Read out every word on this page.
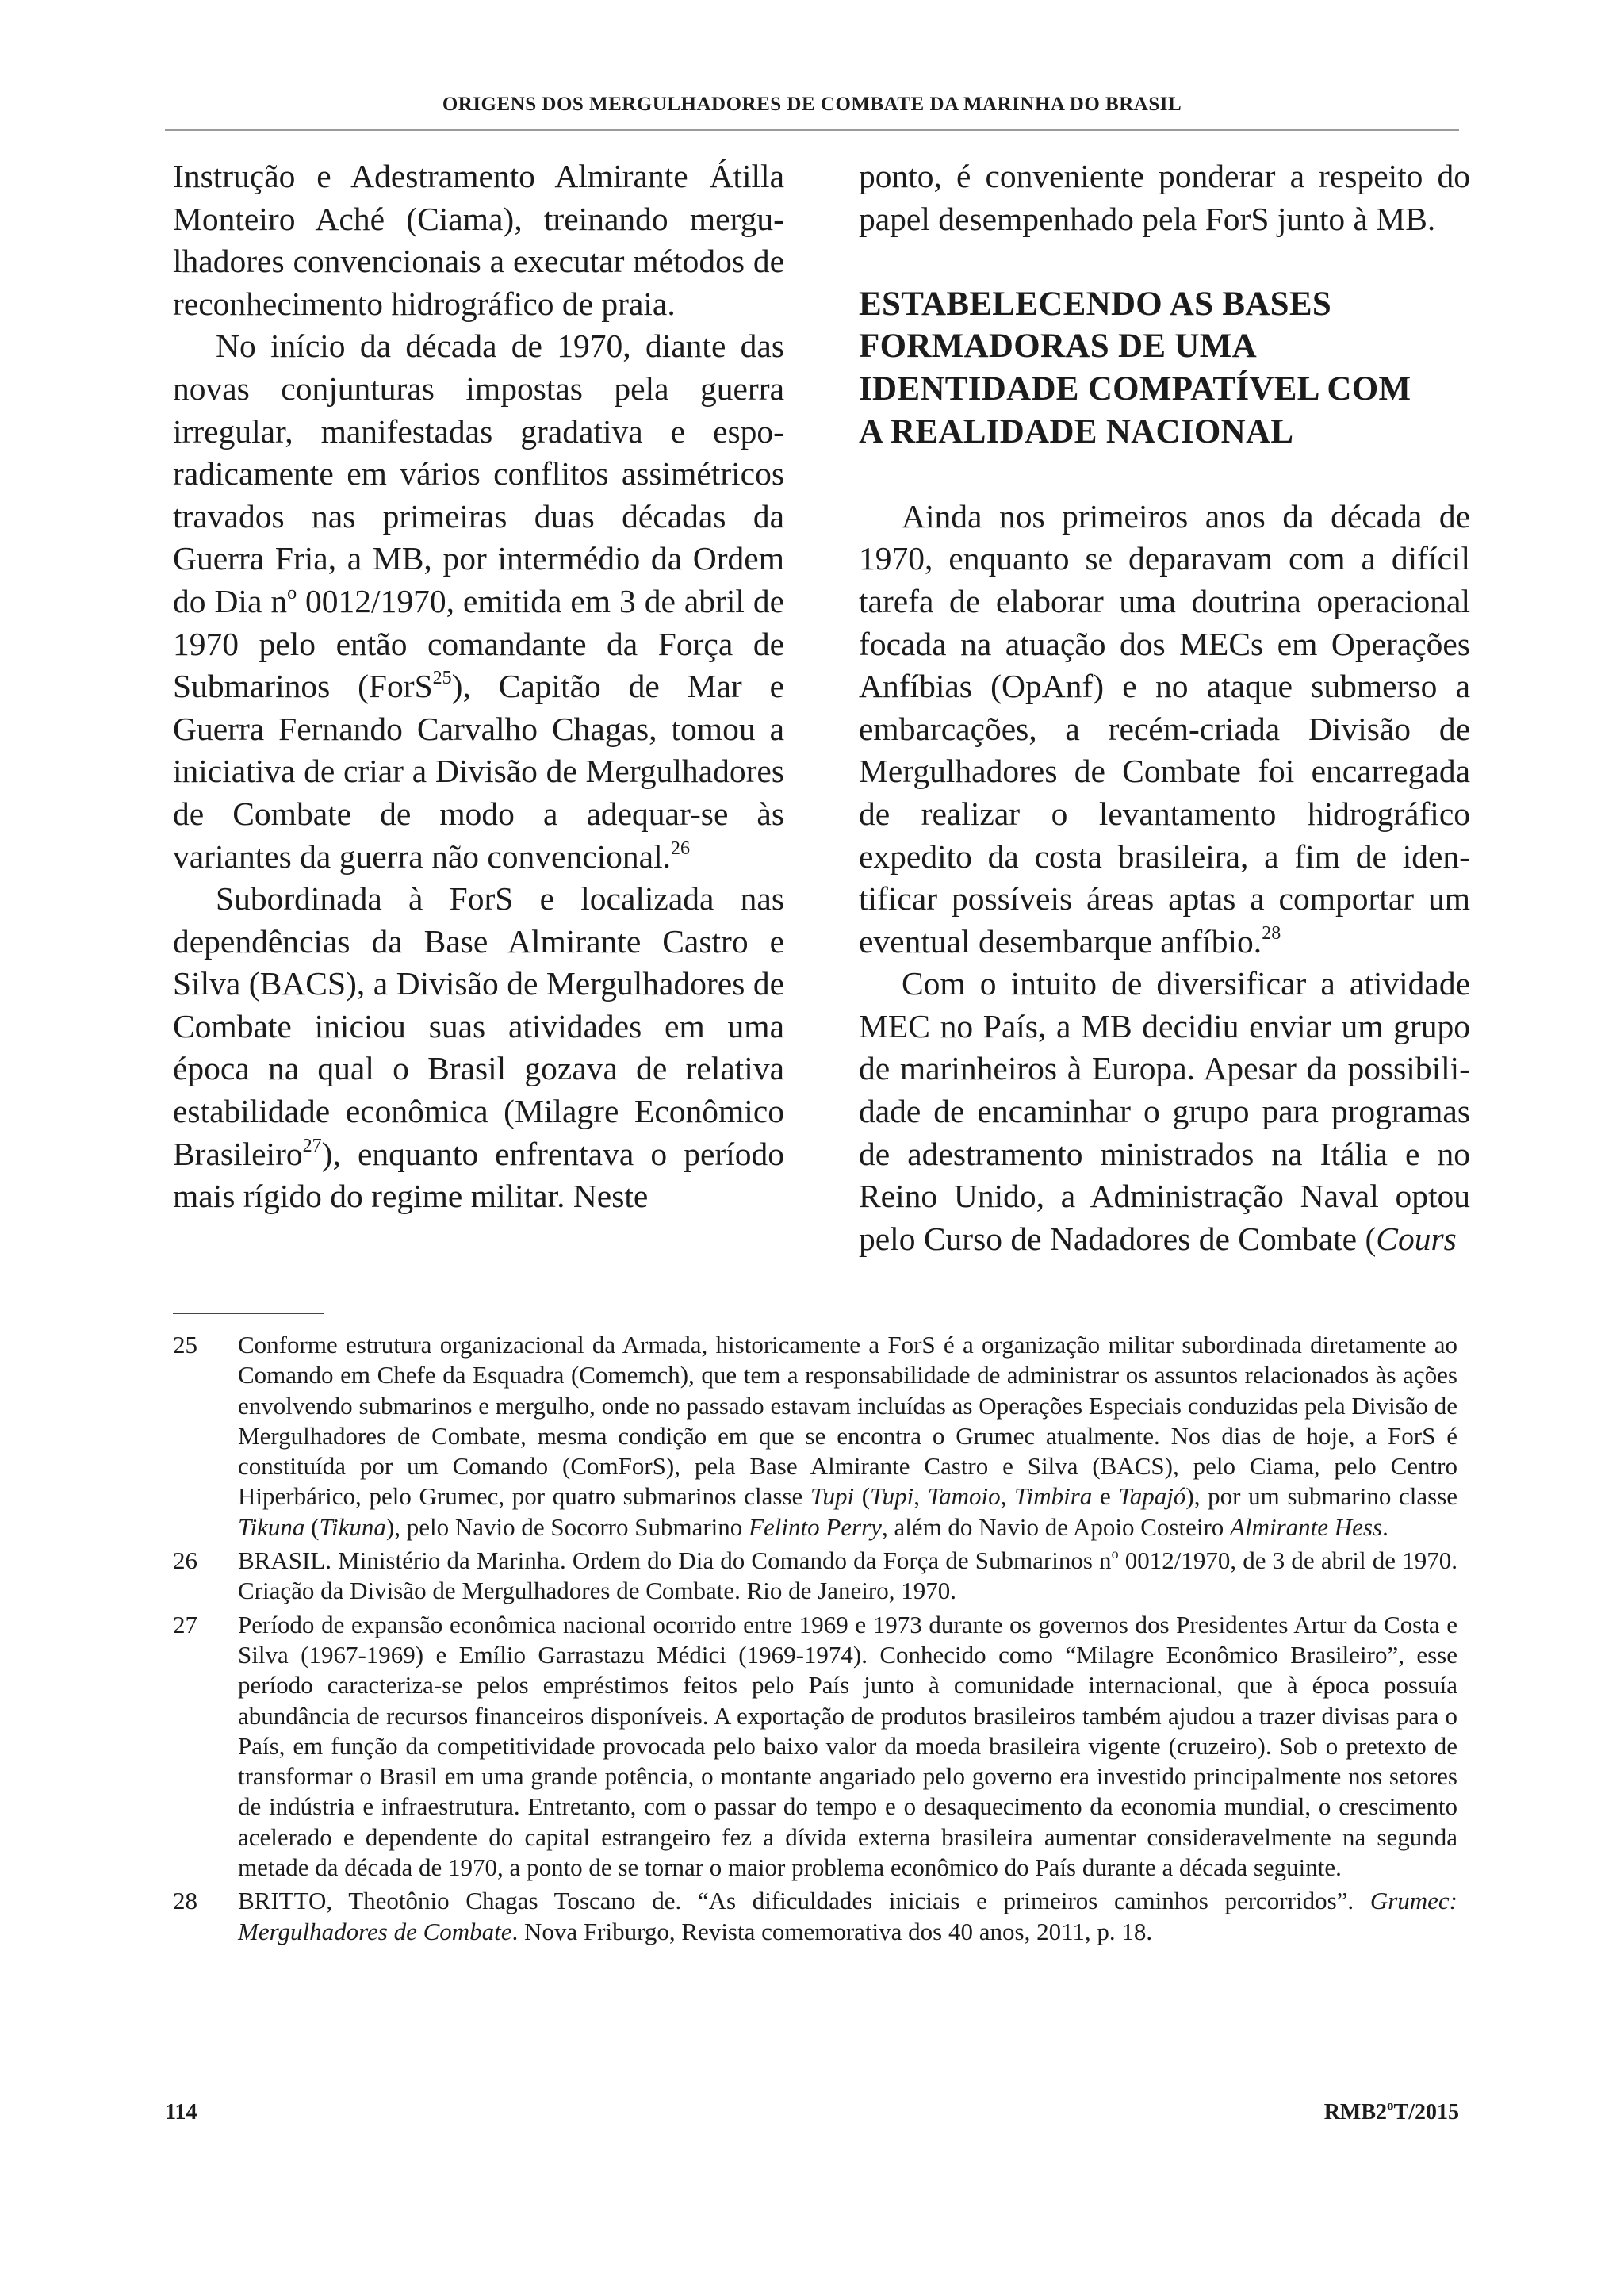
ORIGENS DOS MERGULHADORES DE COMBATE DA MARINHA DO BRASIL

Instrução e Adestramento Almirante Átilla Monteiro Aché (Ciama), treinando mergulhadores convencionais a executar métodos de reconhecimento hidrográfico de praia.

No início da década de 1970, diante das novas conjunturas impostas pela guerra irregular, manifestadas gradativa e esporadicamente em vários conflitos assimétricos travados nas primeiras duas décadas da Guerra Fria, a MB, por intermédio da Ordem do Dia $n^o$ 0012/1970, emitida em 3 de abril de 1970 pelo então comandante da Força de Submarinos (ForS$^{25}$), Capitão de Mar e Guerra Fernando Carvalho Chagas, tomou a iniciativa de criar a Divisão de Mergulhadores de Combate de modo a adequar-se às variantes da guerra não convencional.$^{26}$

Subordinada à ForS e localizada nas dependências da Base Almirante Castro e Silva (BACS), a Divisão de Mergulhadores de Combate iniciou suas atividades em uma época na qual o Brasil gozava de relativa estabilidade econômica (Milagre Econômico Brasileiro$^{27}$), enquanto enfrentava o período mais rígido do regime militar. Neste

ponto, é conveniente ponderar a respeito do papel desempenhado pela ForS junto à MB.

ESTABELECENDO AS BASES
FORMADORAS DE UMA
IDENTIDADE COMPATÍVEL COM
A REALIDADE NACIONAL

Ainda nos primeiros anos da década de 1970, enquanto se deparavam com a difícil tarefa de elaborar uma doutrina operacional focada na atuação dos MECs em Operações Anfíbias (OpAnf) e no ataque submerso a embarcações, a recém-criada Divisão de Mergulhadores de Combate foi encarregada de realizar o levantamento hidrográfico expedito da costa brasileira, a fim de identificar possíveis áreas aptas a comportar um eventual desembarque anfíbio.$^{28}$

Com o intuito de diversificar a atividade MEC no País, a MB decidiu enviar um grupo de marinheiros à Europa. Apesar da possibilidade de encaminhar o grupo para programas de adestramento ministrados na Itália e no Reino Unido, a Administração Naval optou pelo Curso de Nadadores de Combate (Cours

25 Conforme estrutura organizacional da Armada, historicamente a ForS é a organização militar subordinada diretamente ao Comando em Chefe da Esquadra (Comemch), que tem a responsabilidade de administrar os assuntos relacionados às ações envolvendo submarinos e mergulho, onde no passado estavam incluídas as Operações Especiais conduzidas pela Divisão de Mergulhadores de Combate, mesma condição em que se encontra o Grumec atualmente. Nos dias de hoje, a ForS é constituída por um Comando (ComForS), pela Base Almirante Castro e Silva (BACS), pelo Ciama, pelo Centro Hiperbárico, pelo Grumec, por quatro submarinos classe Tupi (Tupi, Tamoio, Timbira e Tapajó), por um submarino classe Tikuna (Tikuna), pelo Navio de Socorro Submarino Felinto Perry, além do Navio de Apoio Costeiro Almirante Hess.

26 BRASIL. Ministério da Marinha. Ordem do Dia do Comando da Força de Submarinos $n^o$ 0012/1970, de 3 de abril de 1970. Criação da Divisão de Mergulhadores de Combate. Rio de Janeiro, 1970.

27 Período de expansão econômica nacional ocorrido entre 1969 e 1973 durante os governos dos Presidentes Artur da Costa e Silva (1967-1969) e Emílio Garrastazu Médici (1969-1974). Conhecido como “Milagre Econômico Brasileiro”, esse período caracteriza-se pelos empréstimos feitos pelo País junto à comunidade internacional, que à época possuía abundância de recursos financeiros disponíveis. A exportação de produtos brasileiros também ajudou a trazer divisas para o País, em função da competitividade provocada pelo baixo valor da moeda brasileira vigente (cruzeiro). Sob o pretexto de transformar o Brasil em uma grande potência, o montante angariado pelo governo era investido principalmente nos setores de indústria e infraestrutura. Entretanto, com o passar do tempo e o desaquecimento da economia mundial, o crescimento acelerado e dependente do capital estrangeiro fez a dívida externa brasileira aumentar consideravelmente na segunda metade da década de 1970, a ponto de se tornar o maior problema econômico do País durante a década seguinte.

28 BRITTO, Theotônio Chagas Toscano de. “As dificuldades iniciais e primeiros caminhos percorridos”. Grumec: Mergulhadores de Combate. Nova Friburgo, Revista comemorativa dos 40 anos, 2011, p. 18.

114	RMB2$^o$T/2015
